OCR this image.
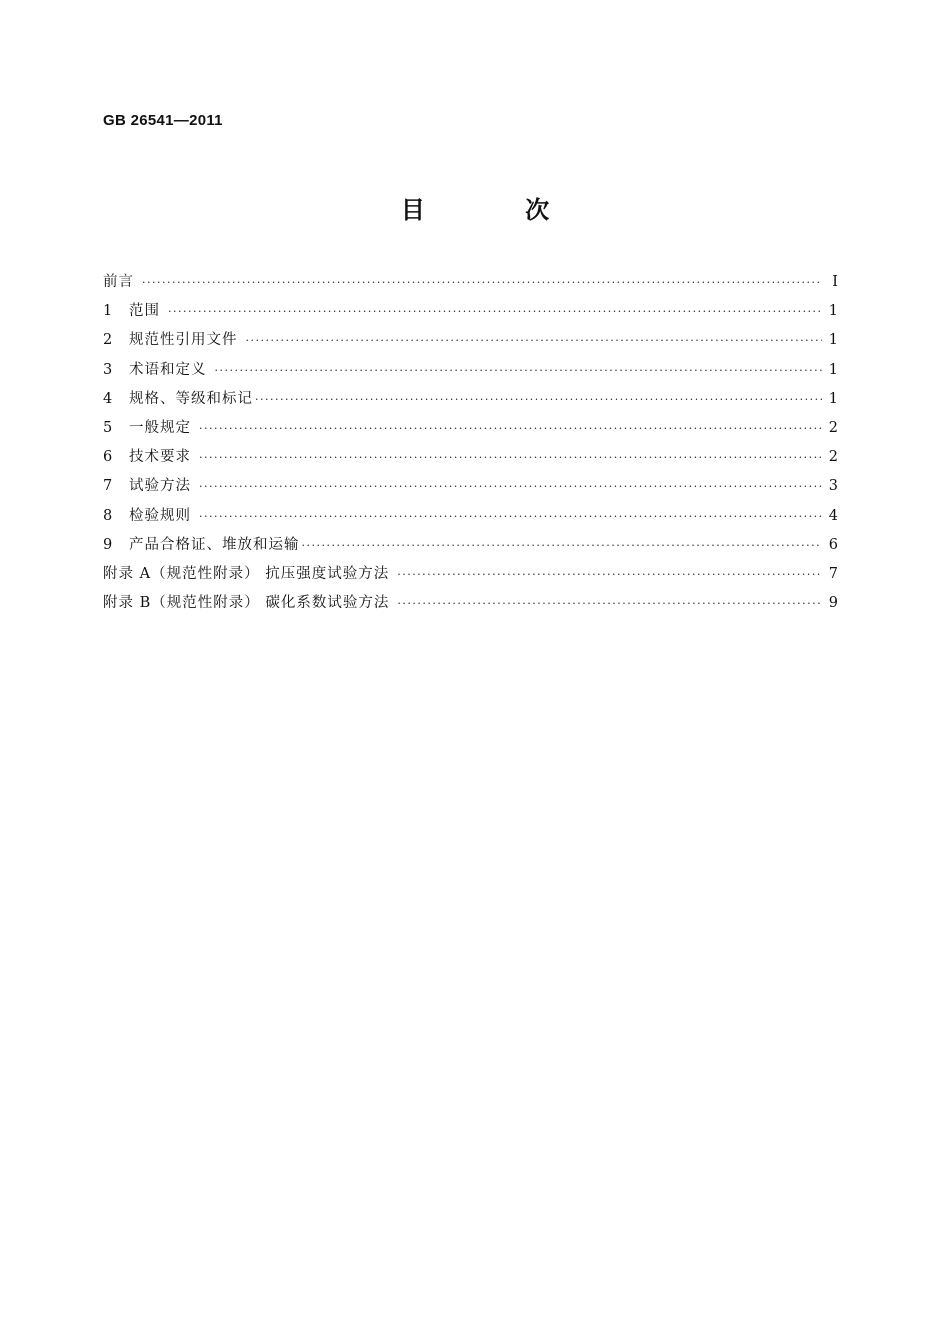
GB 26541—2011
目 次
前言 ·····	Ⅰ
1	范围 ·····	1
2	规范性引用文件 ·····	1
3	术语和定义 ·····	1
4	规格、等级和标记 ·····	1
5	一般规定 ·····	2
6	技术要求 ·····	2
7	试验方法 ·····	3
8	检验规则 ·····	4
9	产品合格证、堆放和运输 ·····	6
附录 A（规范性附录） 抗压强度试验方法 ·····	7
附录 B（规范性附录） 碳化系数试验方法 ·····	9
